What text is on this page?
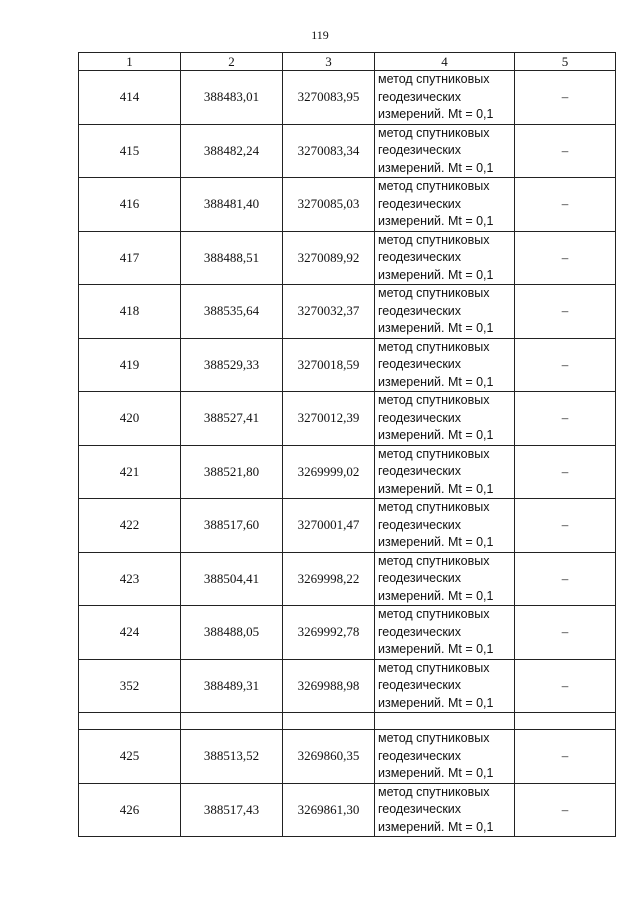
119
1	2	3	4	5
414	388483,01	3270083,95	метод спутниковых
геодезических
измерений. Mt = 0,1	–
415	388482,24	3270083,34	метод спутниковых
геодезических
измерений. Mt = 0,1	–
416	388481,40	3270085,03	метод спутниковых
геодезических
измерений. Mt = 0,1	–
417	388488,51	3270089,92	метод спутниковых
геодезических
измерений. Mt = 0,1	–
418	388535,64	3270032,37	метод спутниковых
геодезических
измерений. Mt = 0,1	–
419	388529,33	3270018,59	метод спутниковых
геодезических
измерений. Mt = 0,1	–
420	388527,41	3270012,39	метод спутниковых
геодезических
измерений. Mt = 0,1	–
421	388521,80	3269999,02	метод спутниковых
геодезических
измерений. Mt = 0,1	–
422	388517,60	3270001,47	метод спутниковых
геодезических
измерений. Mt = 0,1	–
423	388504,41	3269998,22	метод спутниковых
геодезических
измерений. Mt = 0,1	–
424	388488,05	3269992,78	метод спутниковых
геодезических
измерений. Mt = 0,1	–
352	388489,31	3269988,98	метод спутниковых
геодезических
измерений. Mt = 0,1	–

425	388513,52	3269860,35	метод спутниковых
геодезических
измерений. Mt = 0,1	–
426	388517,43	3269861,30	метод спутниковых
геодезических
измерений. Mt = 0,1	–
